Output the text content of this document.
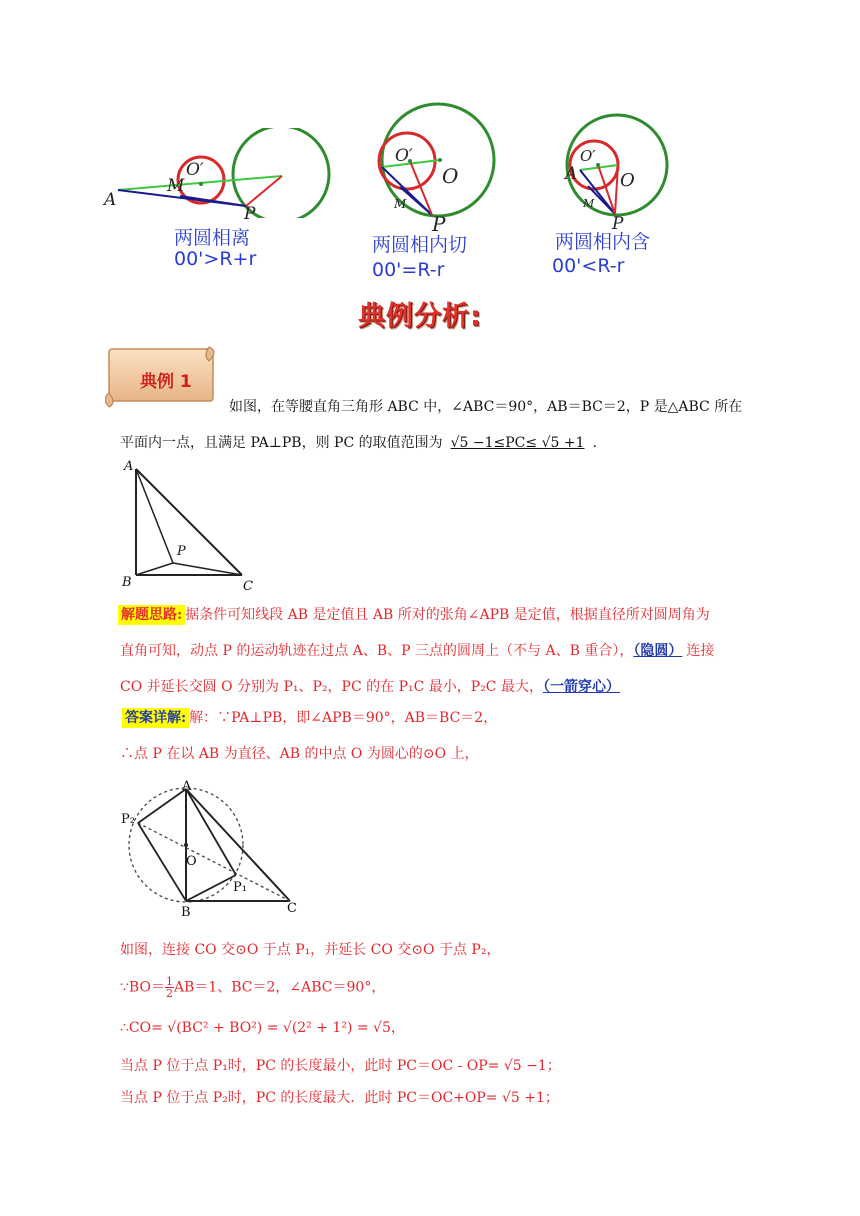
A
M
O′
P
两圆相离
00'>R+r
O′
O
M
P
两圆相内切
00'=R-r
O′
A O
M
P
两圆相内含
00'<R-r
典例分析:
典例 1
如图，在等腰直角三角形 ABC 中，∠ABC＝90°，AB＝BC＝2，P 是△ABC 所在
平面内一点，且满足 PA⊥PB，则 PC 的取值范围为 √5 −1≤PC≤ √5 +1 .
A
B	C
P
解题思路: 据条件可知线段 AB 是定值且 AB 所对的张角∠APB 是定值，根据直径所对圆周角为
直角可知，动点 P 的运动轨迹在过点 A、B、P 三点的圆周上（不与 A、B 重合），（隐圆） 连接
CO 并延长交圆 O 分别为 P₁、P₂，PC 的在 P₁C 最小，P₂C 最大，（一箭穿心）
答案详解: 解：∵PA⊥PB，即∠APB＝90°，AB＝BC＝2，
∴点 P 在以 AB 为直径、AB 的中点 O 为圆心的⊙O 上，
A
P₂
O
P₁
B	C
如图，连接 CO 交⊙O 于点 P₁，并延长 CO 交⊙O 于点 P₂，
∵BO＝ $\frac{1}{2} AB=1$、BC＝2，∠ABC＝90°，
∴CO= √(BC² + BO²) = √(2² + 1²) = √5，
当点 P 位于点 P₁时，PC 的长度最小，此时 PC＝OC - OP= √5 −1；
当点 P 位于点 P₂时，PC 的长度最大．此时 PC＝OC+OP= √5 +1；
